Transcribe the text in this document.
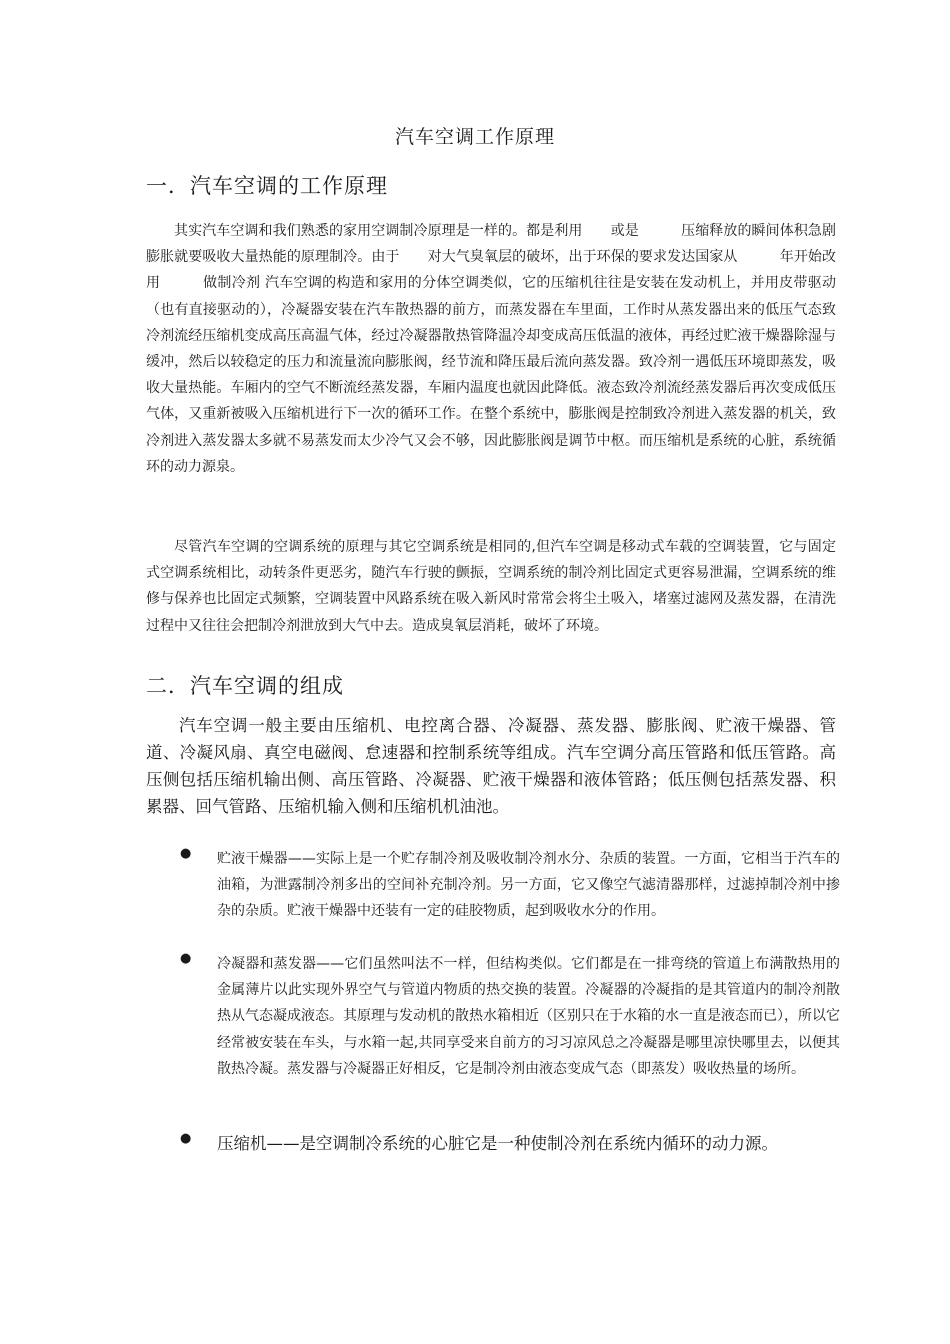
汽车空调工作原理
一．汽车空调的工作原理
其实汽车空调和我们熟悉的家用空调制冷原理是一样的。都是利用　　或是　　　压缩释放的瞬间体积急剧膨胀就要吸收大量热能的原理制冷。由于　　对大气臭氧层的破坏，出于环保的要求发达国家从　　　年开始改用　　　做制冷剂 汽车空调的构造和家用的分体空调类似，它的压缩机往往是安装在发动机上，并用皮带驱动（也有直接驱动的），冷凝器安装在汽车散热器的前方，而蒸发器在车里面，工作时从蒸发器出来的低压气态致冷剂流经压缩机变成高压高温气体，经过冷凝器散热管降温冷却变成高压低温的液体，再经过贮液干燥器除湿与缓冲，然后以较稳定的压力和流量流向膨胀阀，经节流和降压最后流向蒸发器。致冷剂一遇低压环境即蒸发，吸收大量热能。车厢内的空气不断流经蒸发器，车厢内温度也就因此降低。液态致冷剂流经蒸发器后再次变成低压气体，又重新被吸入压缩机进行下一次的循环工作。在整个系统中，膨胀阀是控制致冷剂进入蒸发器的机关，致冷剂进入蒸发器太多就不易蒸发而太少冷气又会不够，因此膨胀阀是调节中枢。而压缩机是系统的心脏，系统循环的动力源泉。
尽管汽车空调的空调系统的原理与其它空调系统是相同的,但汽车空调是移动式车载的空调装置，它与固定式空调系统相比，动转条件更恶劣，随汽车行驶的颤振，空调系统的制冷剂比固定式更容易泄漏，空调系统的维修与保养也比固定式频繁，空调装置中风路系统在吸入新风时常常会将尘土吸入，堵塞过滤网及蒸发器，在清洗过程中又往往会把制冷剂泄放到大气中去。造成臭氧层消耗，破坏了环境。
二．汽车空调的组成
汽车空调一般主要由压缩机、电控离合器、冷凝器、蒸发器、膨胀阀、贮液干燥器、管道、冷凝风扇、真空电磁阀、怠速器和控制系统等组成。汽车空调分高压管路和低压管路。高压侧包括压缩机输出侧、高压管路、冷凝器、贮液干燥器和液体管路；低压侧包括蒸发器、积累器、回气管路、压缩机输入侧和压缩机机油池。
● 贮液干燥器——实际上是一个贮存制冷剂及吸收制冷剂水分、杂质的装置。一方面，它相当于汽车的油箱，为泄露制冷剂多出的空间补充制冷剂。另一方面，它又像空气滤清器那样，过滤掉制冷剂中掺杂的杂质。贮液干燥器中还装有一定的硅胶物质，起到吸收水分的作用。
● 冷凝器和蒸发器——它们虽然叫法不一样，但结构类似。它们都是在一排弯绕的管道上布满散热用的金属薄片以此实现外界空气与管道内物质的热交换的装置。冷凝器的冷凝指的是其管道内的制冷剂散热从气态凝成液态。其原理与发动机的散热水箱相近（区别只在于水箱的水一直是液态而已），所以它经常被安装在车头，与水箱一起,共同享受来自前方的习习凉风总之冷凝器是哪里凉快哪里去，以便其散热冷凝。蒸发器与冷凝器正好相反，它是制冷剂由液态变成气态（即蒸发）吸收热量的场所。
● 压缩机——是空调制冷系统的心脏它是一种使制冷剂在系统内循环的动力源。
